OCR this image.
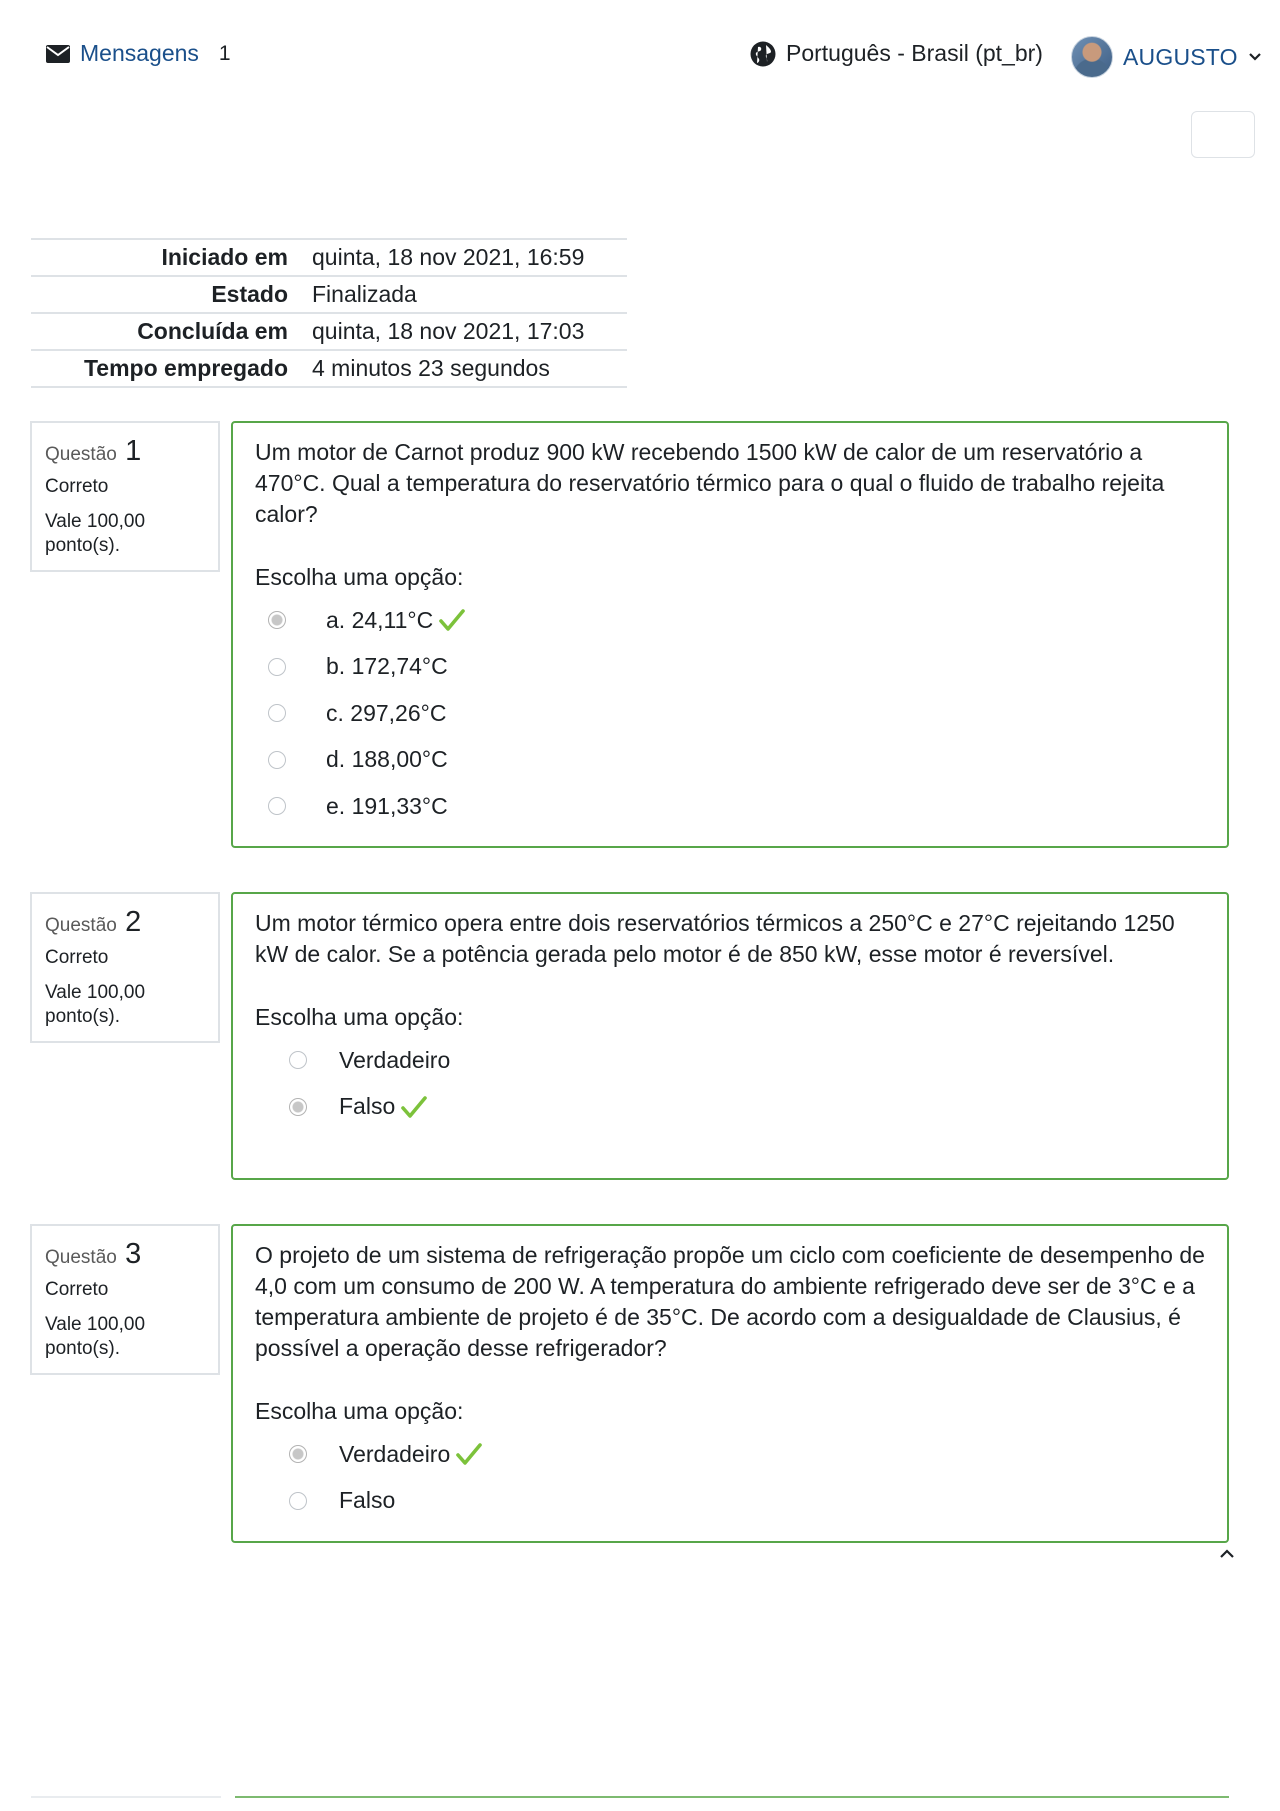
Mensagens 1	Português - Brasil (pt_br)	AUGUSTO
Iniciado em	quinta, 18 nov 2021, 16:59
Estado	Finalizada
Concluída em	quinta, 18 nov 2021, 17:03
Tempo empregado	4 minutos 23 segundos
Questão 1
Correto
Vale 100,00 ponto(s).
Um motor de Carnot produz 900 kW recebendo 1500 kW de calor de um reservatório a 470°C. Qual a temperatura do reservatório térmico para o qual o fluido de trabalho rejeita calor?
Escolha uma opção:
a. 24,11°C
b. 172,74°C
c. 297,26°C
d. 188,00°C
e. 191,33°C
Questão 2
Correto
Vale 100,00 ponto(s).
Um motor térmico opera entre dois reservatórios térmicos a 250°C e 27°C rejeitando 1250 kW de calor. Se a potência gerada pelo motor é de 850 kW, esse motor é reversível.
Escolha uma opção:
Verdadeiro
Falso
Questão 3
Correto
Vale 100,00 ponto(s).
O projeto de um sistema de refrigeração propõe um ciclo com coeficiente de desempenho de 4,0 com um consumo de 200 W. A temperatura do ambiente refrigerado deve ser de 3°C e a temperatura ambiente de projeto é de 35°C. De acordo com a desigualdade de Clausius, é possível a operação desse refrigerador?
Escolha uma opção:
Verdadeiro
Falso
